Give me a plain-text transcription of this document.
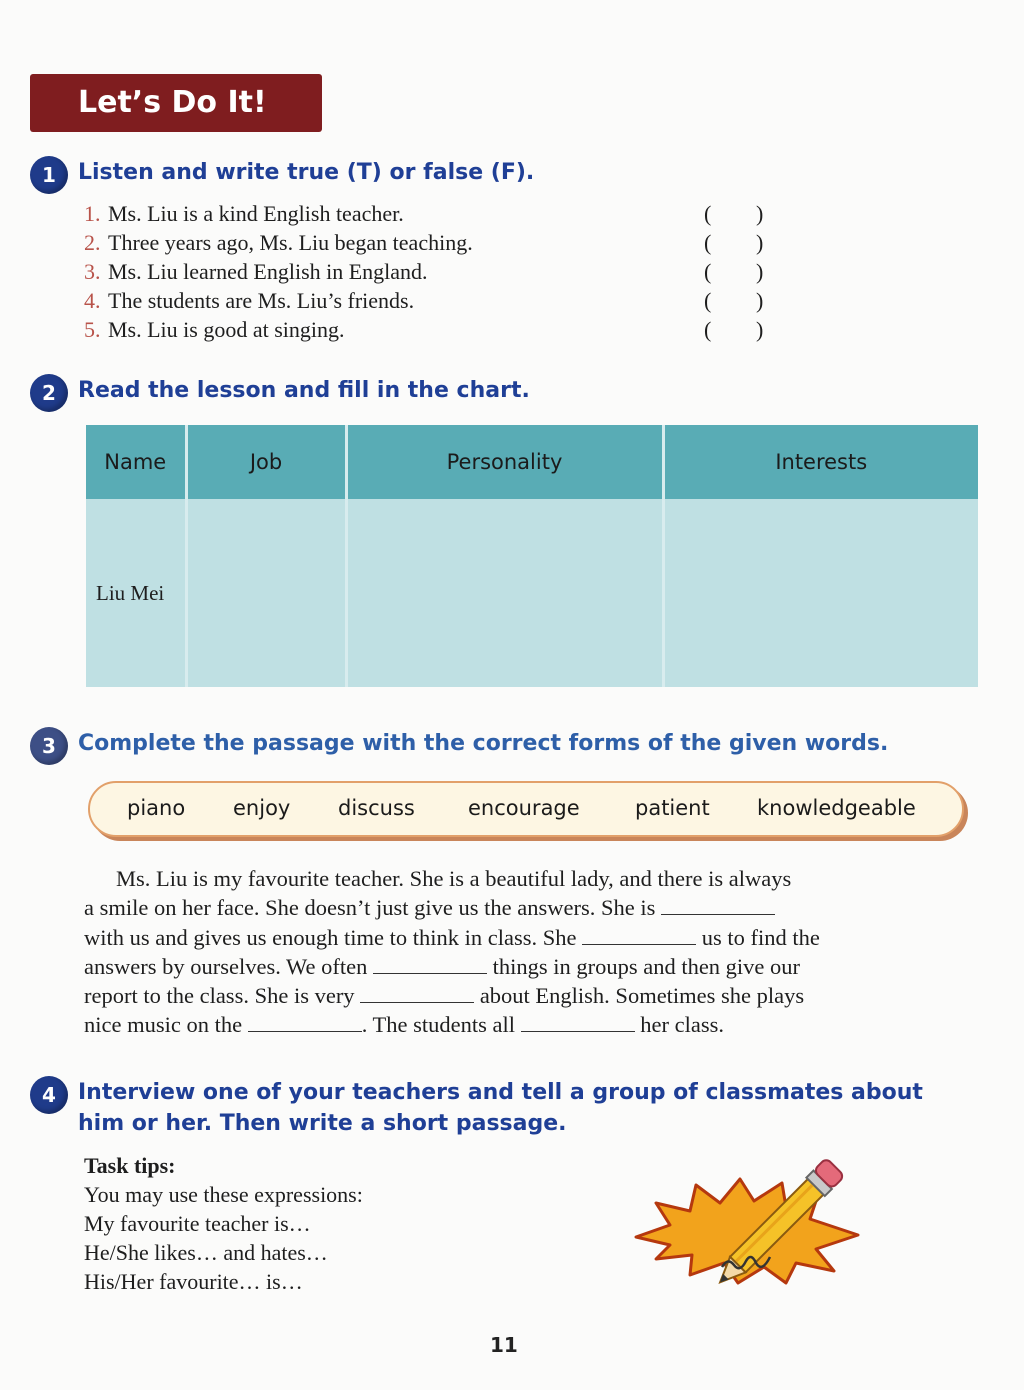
Let’s Do It!
1	Listen and write true (T) or false (F).
1. Ms. Liu is a kind English teacher.	( )
2. Three years ago, Ms. Liu began teaching.	( )
3. Ms. Liu learned English in England.	( )
4. The students are Ms. Liu’s friends.	( )
5. Ms. Liu is good at singing.	( )
2	Read the lesson and fill in the chart.
Name	Job	Personality	Interests
Liu Mei			
3	Complete the passage with the correct forms of the given words.
piano enjoy discuss	encourage	patient knowledgeable
Ms. Liu is my favourite teacher. She is a beautiful lady, and there is always
a smile on her face. She doesn’t just give us the answers. She is
with us and gives us enough time to think in class. She	us to find the
answers by ourselves. We often	things in groups and then give our
report to the class. She is very	about English. Sometimes she plays
nice music on the	. The students all	her class.
4	Interview one of your teachers and tell a group of classmates about
him or her. Then write a short passage.
Task tips:
You may use these expressions:
My favourite teacher is…
He/She likes… and hates…
His/Her favourite… is…
11
